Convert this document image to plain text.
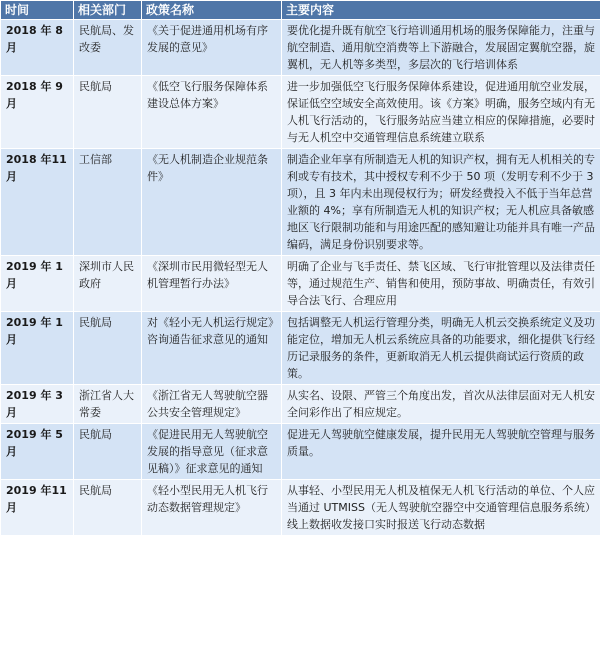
时间	相关部门	政策名称	主要内容
2018 年 8 月	民航局、发改委	《关于促进通用机场有序发展的意见》	要优化提升既有航空飞行培训通用机场的服务保障能力，注重与航空制造、通用航空消费等上下游融合，发展固定翼航空器，旋翼机，无人机等多类型，多层次的飞行培训体系
2018 年 9 月	民航局	《低空飞行服务保障体系建设总体方案》	进一步加强低空飞行服务保障体系建设，促进通用航空业发展，保证低空空域安全高效使用。该《方案》明确，服务空域内有无人机飞行活动的，飞行服务站应当建立相应的保障措施，必要时与无人机空中交通管理信息系统建立联系
2018 年11 月	工信部	《无人机制造企业规范条件》	制造企业年享有所制造无人机的知识产权，拥有无人机相关的专利或专有技术，其中授权专利不少于 50 项（发明专利不少于 3 项），且 3 年内未出现侵权行为；研发经费投入不低于当年总营业额的 4%；享有所制造无人机的知识产权；无人机应具备敏感地区飞行限制功能和与用途匹配的感知避让功能并具有唯一产品编码，满足身份识别要求等。
2019 年 1 月	深圳市人民政府	《深圳市民用微轻型无人机管理暂行办法》	明确了企业与飞手责任、禁飞区域、飞行审批管理以及法律责任等，通过规范生产、销售和使用，预防事故、明确责任，有效引导合法飞行、合理应用
2019 年 1 月	民航局	对《轻小无人机运行规定》咨询通告征求意见的通知	包括调整无人机运行管理分类，明确无人机云交换系统定义及功能定位，增加无人机云系统应具备的功能要求，细化提供飞行经历记录服务的条件，更新取消无人机云提供商试运行资质的政策。
2019 年 3 月	浙江省人大常委	《浙江省无人驾驶航空器公共安全管理规定》	从实名、设限、严管三个角度出发，首次从法律层面对无人机安全问彩作出了相应规定。
2019 年 5 月	民航局	《促进民用无人驾驶航空发展的指导意见（征求意见稿）》征求意见的通知	促进无人驾驶航空健康发展，提升民用无人驾驶航空管理与服务质量。
2019 年11 月	民航局	《轻小型民用无人机飞行动态数据管理规定》	从事轻、小型民用无人机及植保无人机飞行活动的单位、个人应当通过 UTMISS（无人驾驶航空器空中交通管理信息服务系统）线上数据收发接口实时报送飞行动态数据
